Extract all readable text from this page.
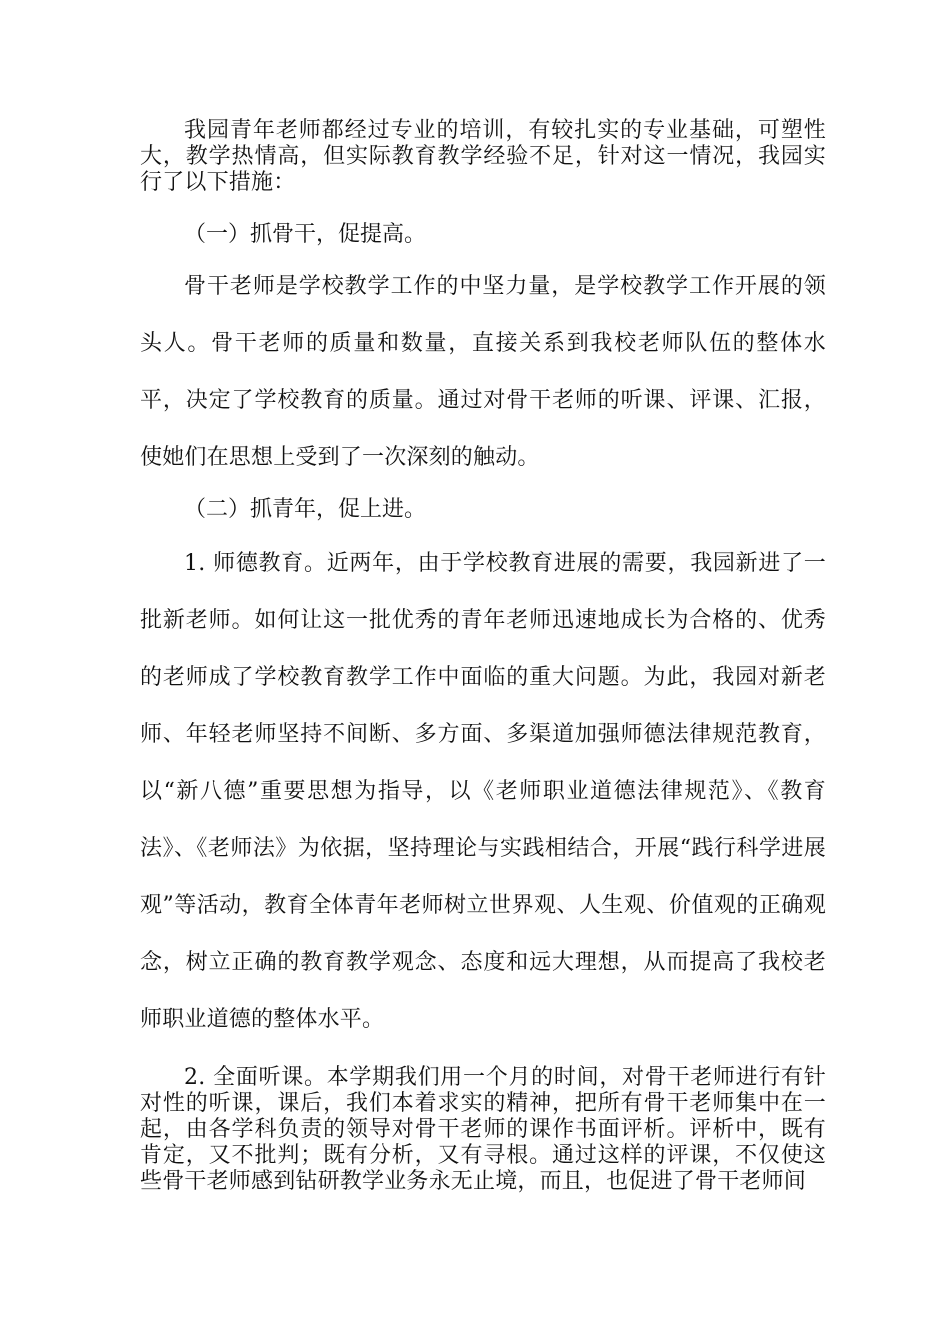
我园青年老师都经过专业的培训，有较扎实的专业基础，可塑性大，教学热情高，但实际教育教学经验不足，针对这一情况，我园实行了以下措施：

（一）抓骨干，促提高。

骨干老师是学校教学工作的中坚力量，是学校教学工作开展的领头人。骨干老师的质量和数量，直接关系到我校老师队伍的整体水平，决定了学校教育的质量。通过对骨干老师的听课、评课、汇报，使她们在思想上受到了一次深刻的触动。

（二）抓青年，促上进。

1. 师德教育。近两年，由于学校教育进展的需要，我园新进了一批新老师。如何让这一批优秀的青年老师迅速地成长为合格的、优秀的老师成了学校教育教学工作中面临的重大问题。为此，我园对新老师、年轻老师坚持不间断、多方面、多渠道加强师德法律规范教育，以“新八德”重要思想为指导，以《老师职业道德法律规范》、《教育法》、《老师法》为依据，坚持理论与实践相结合，开展“践行科学进展观”等活动，教育全体青年老师树立世界观、人生观、价值观的正确观念，树立正确的教育教学观念、态度和远大理想，从而提高了我校老师职业道德的整体水平。

2. 全面听课。本学期我们用一个月的时间，对骨干老师进行有针对性的听课，课后，我们本着求实的精神，把所有骨干老师集中在一起，由各学科负责的领导对骨干老师的课作书面评析。评析中，既有肯定，又不批判；既有分析，又有寻根。通过这样的评课，不仅使这些骨干老师感到钻研教学业务永无止境，而且，也促进了骨干老师间
